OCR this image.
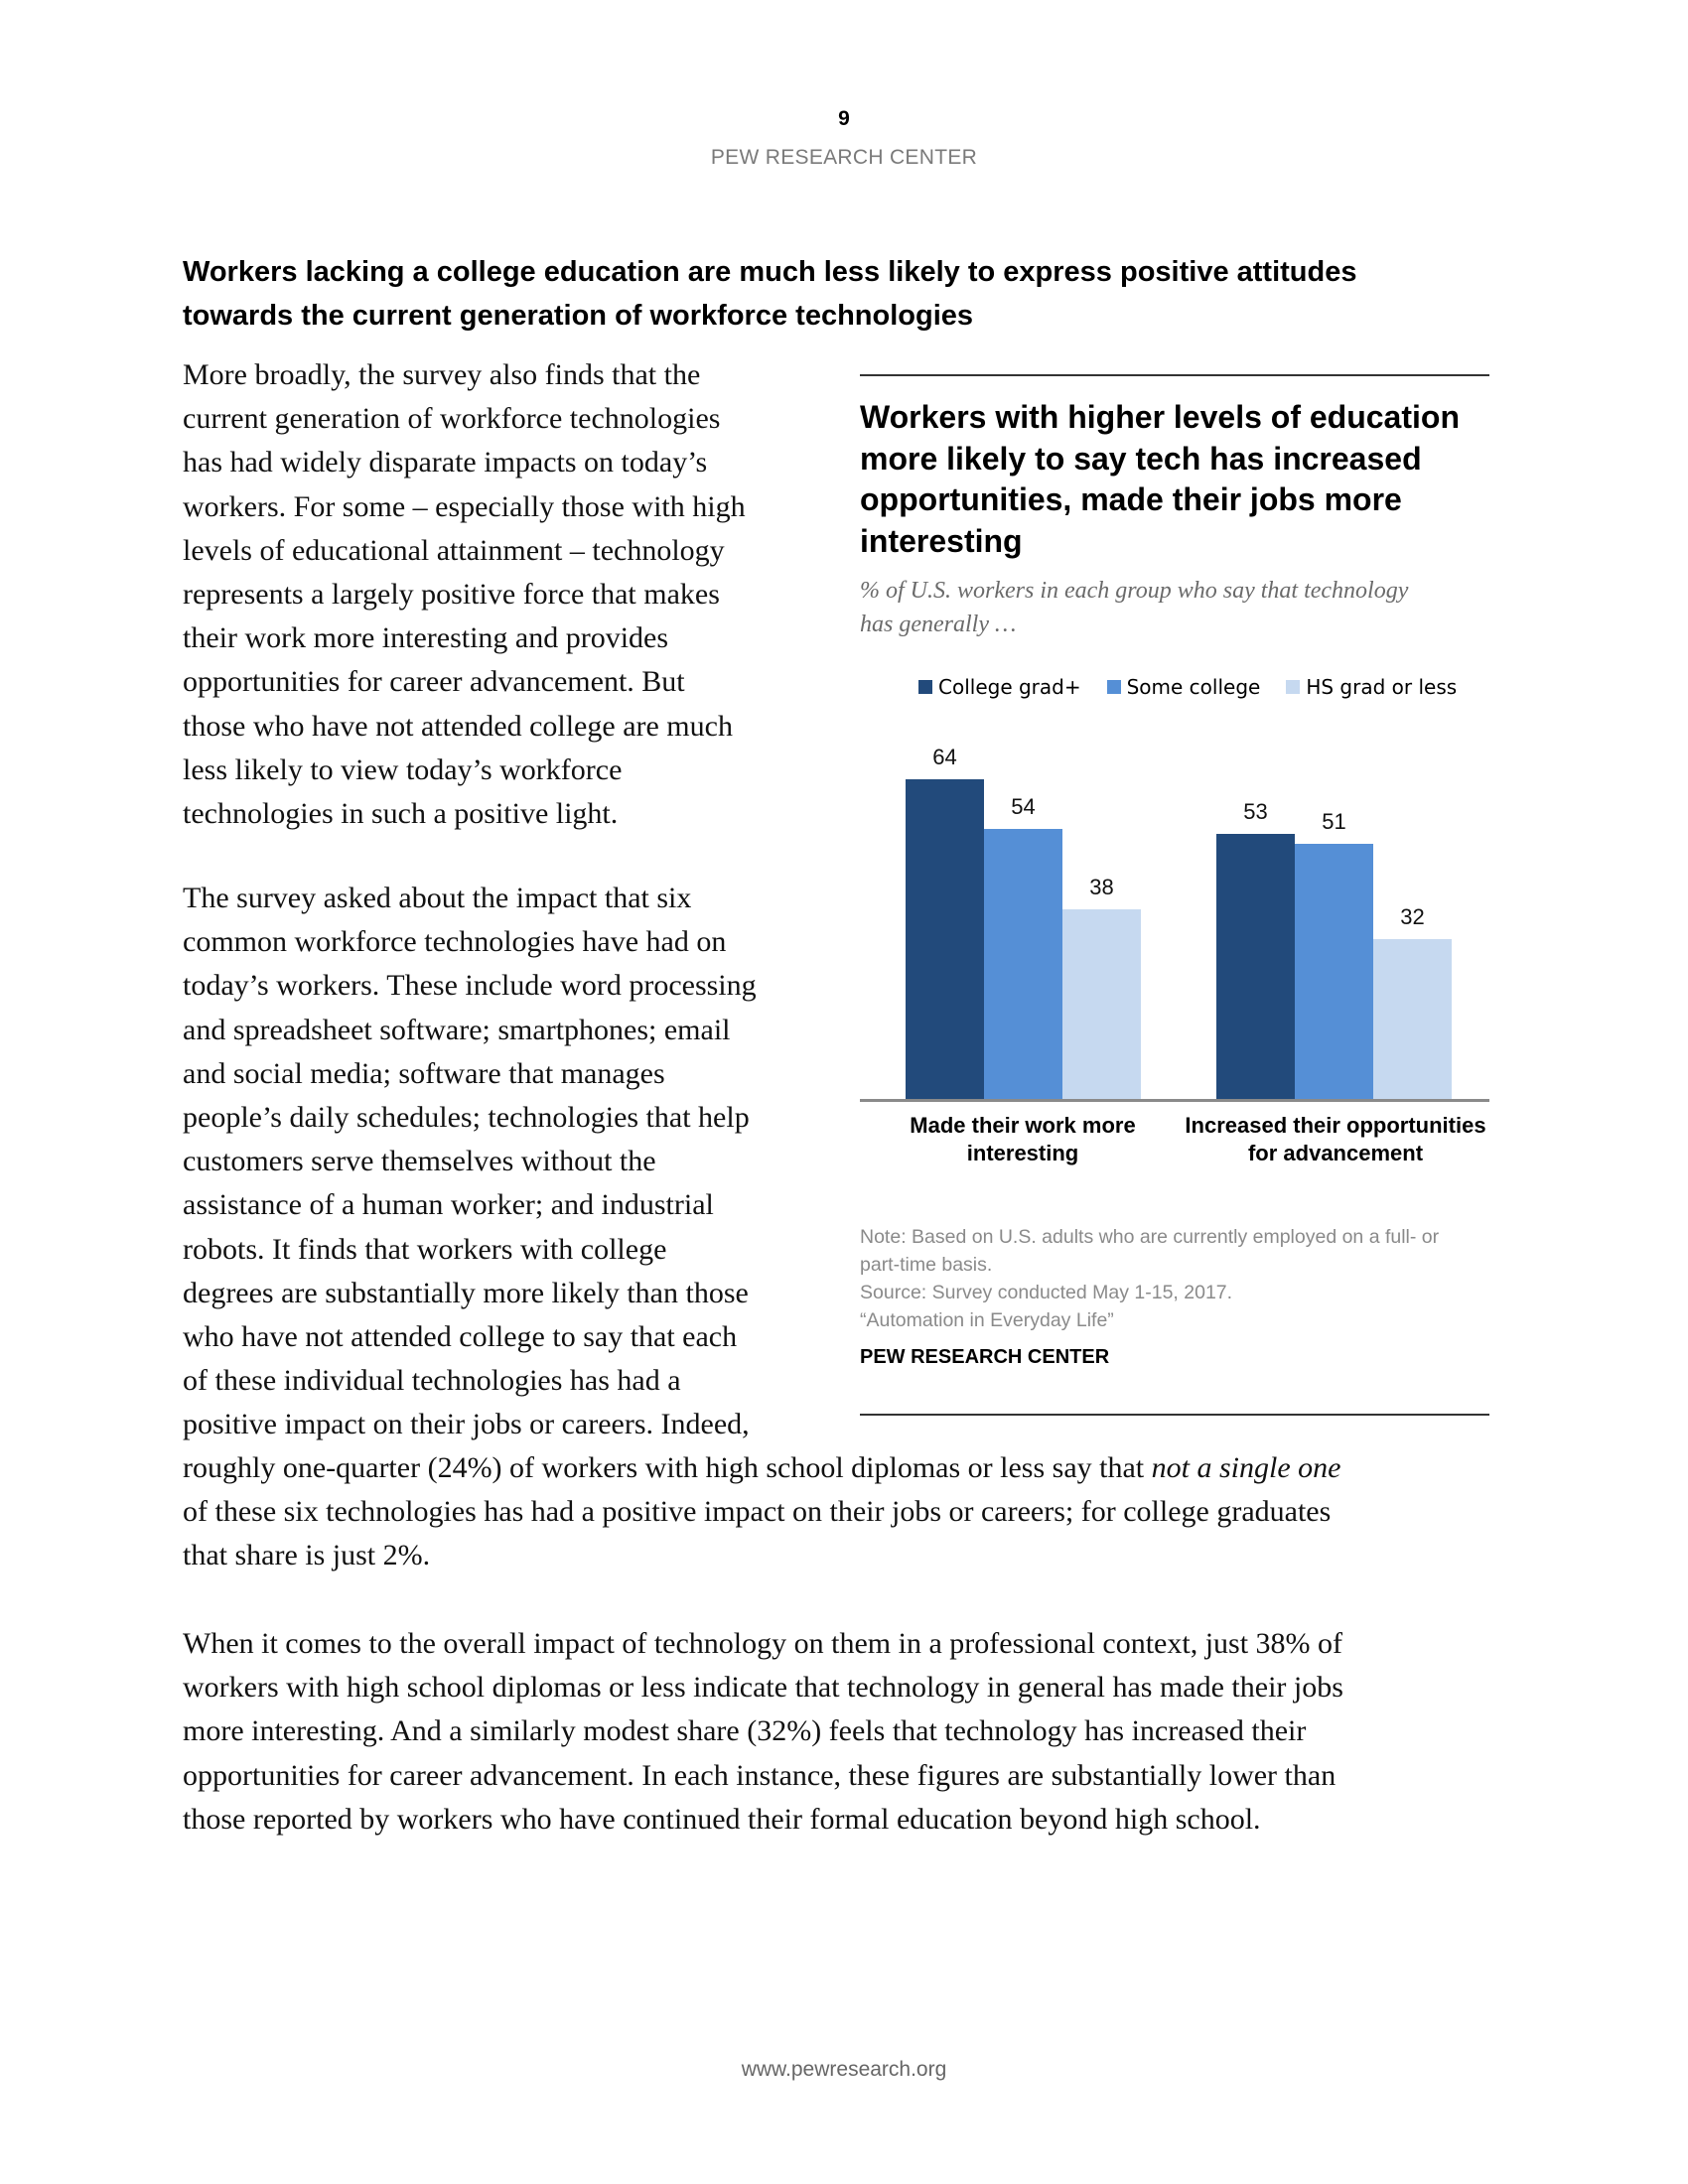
9
PEW RESEARCH CENTER
Workers lacking a college education are much less likely to express positive attitudes
towards the current generation of workforce technologies
More broadly, the survey also finds that the
current generation of workforce technologies
has had widely disparate impacts on today’s
workers. For some – especially those with high
levels of educational attainment – technology
represents a largely positive force that makes
their work more interesting and provides
opportunities for career advancement. But
those who have not attended college are much
less likely to view today’s workforce
technologies in such a positive light.
The survey asked about the impact that six
common workforce technologies have had on
today’s workers. These include word processing
and spreadsheet software; smartphones; email
and social media; software that manages
people’s daily schedules; technologies that help
customers serve themselves without the
assistance of a human worker; and industrial
robots. It finds that workers with college
degrees are substantially more likely than those
who have not attended college to say that each
of these individual technologies has had a
positive impact on their jobs or careers. Indeed,
roughly one-quarter (24%) of workers with high school diplomas or less say that not a single one
of these six technologies has had a positive impact on their jobs or careers; for college graduates
that share is just 2%.
When it comes to the overall impact of technology on them in a professional context, just 38% of
workers with high school diplomas or less indicate that technology in general has made their jobs
more interesting. And a similarly modest share (32%) feels that technology has increased their
opportunities for career advancement. In each instance, these figures are substantially lower than
those reported by workers who have continued their formal education beyond high school.
Workers with higher levels of education
more likely to say tech has increased
opportunities, made their jobs more
interesting
% of U.S. workers in each group who say that technology
has generally …
College grad+ Some college HS grad or less
64
54
38
53	51
32
Made their work more
interesting
Increased their opportunities
for advancement
Note: Based on U.S. adults who are currently employed on a full- or
part-time basis.
Source: Survey conducted May 1-15, 2017.
“Automation in Everyday Life”
PEW RESEARCH CENTER
www.pewresearch.org
